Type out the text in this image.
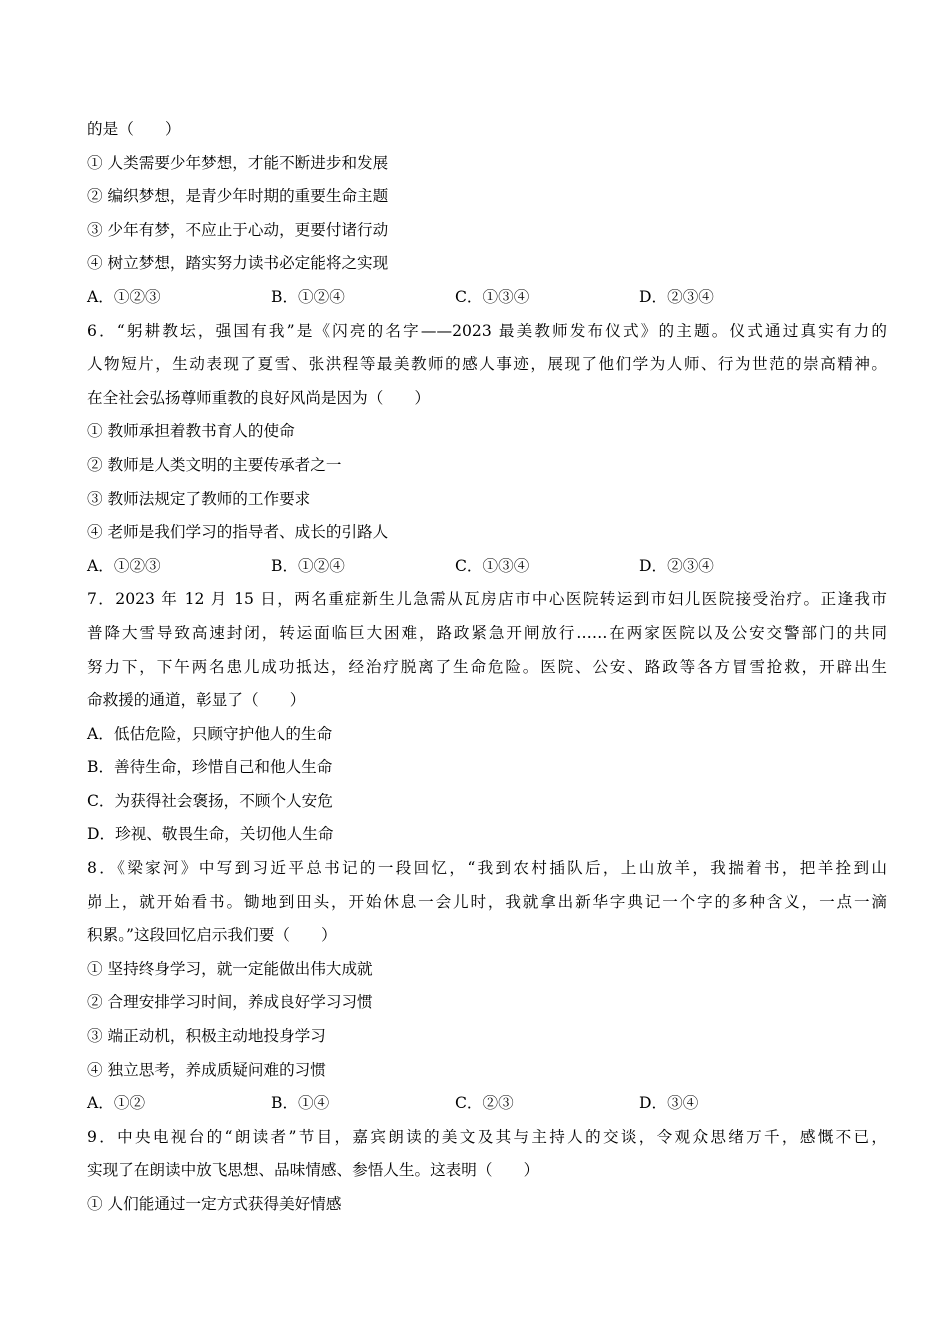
的是（　　）
① 人类需要少年梦想，才能不断进步和发展
② 编织梦想，是青少年时期的重要生命主题
③ 少年有梦，不应止于心动，更要付诸行动
④ 树立梦想，踏实努力读书必定能将之实现
A．①②③	B．①②④	C．①③④	D．②③④
6．“躬耕教坛，强国有我”是《闪亮的名字——2023 最美教师发布仪式》的主题。仪式通过真实有力的
人物短片，生动表现了夏雪、张洪程等最美教师的感人事迹，展现了他们学为人师、行为世范的崇高精神。
在全社会弘扬尊师重教的良好风尚是因为（　　）
① 教师承担着教书育人的使命
② 教师是人类文明的主要传承者之一
③ 教师法规定了教师的工作要求
④ 老师是我们学习的指导者、成长的引路人
A．①②③	B．①②④	C．①③④	D．②③④
7．2023 年 12 月 15 日，两名重症新生儿急需从瓦房店市中心医院转运到市妇儿医院接受治疗。正逢我市
普降大雪导致高速封闭，转运面临巨大困难，路政紧急开闸放行……在两家医院以及公安交警部门的共同
努力下，下午两名患儿成功抵达，经治疗脱离了生命危险。医院、公安、路政等各方冒雪抢救，开辟出生
命救援的通道，彰显了（　　）
A．低估危险，只顾守护他人的生命
B．善待生命，珍惜自己和他人生命
C．为获得社会褒扬，不顾个人安危
D．珍视、敬畏生命，关切他人生命
8．《梁家河》中写到习近平总书记的一段回忆，“我到农村插队后，上山放羊，我揣着书，把羊拴到山
峁上，就开始看书。锄地到田头，开始休息一会儿时，我就拿出新华字典记一个字的多种含义，一点一滴
积累。”这段回忆启示我们要（　　）
① 坚持终身学习，就一定能做出伟大成就
② 合理安排学习时间，养成良好学习习惯
③ 端正动机，积极主动地投身学习
④ 独立思考，养成质疑问难的习惯
A．①②	B．①④	C．②③	D．③④
9．中央电视台的“朗读者”节目，嘉宾朗读的美文及其与主持人的交谈，令观众思绪万千，感慨不已，
实现了在朗读中放飞思想、品味情感、参悟人生。这表明（　　）
① 人们能通过一定方式获得美好情感
